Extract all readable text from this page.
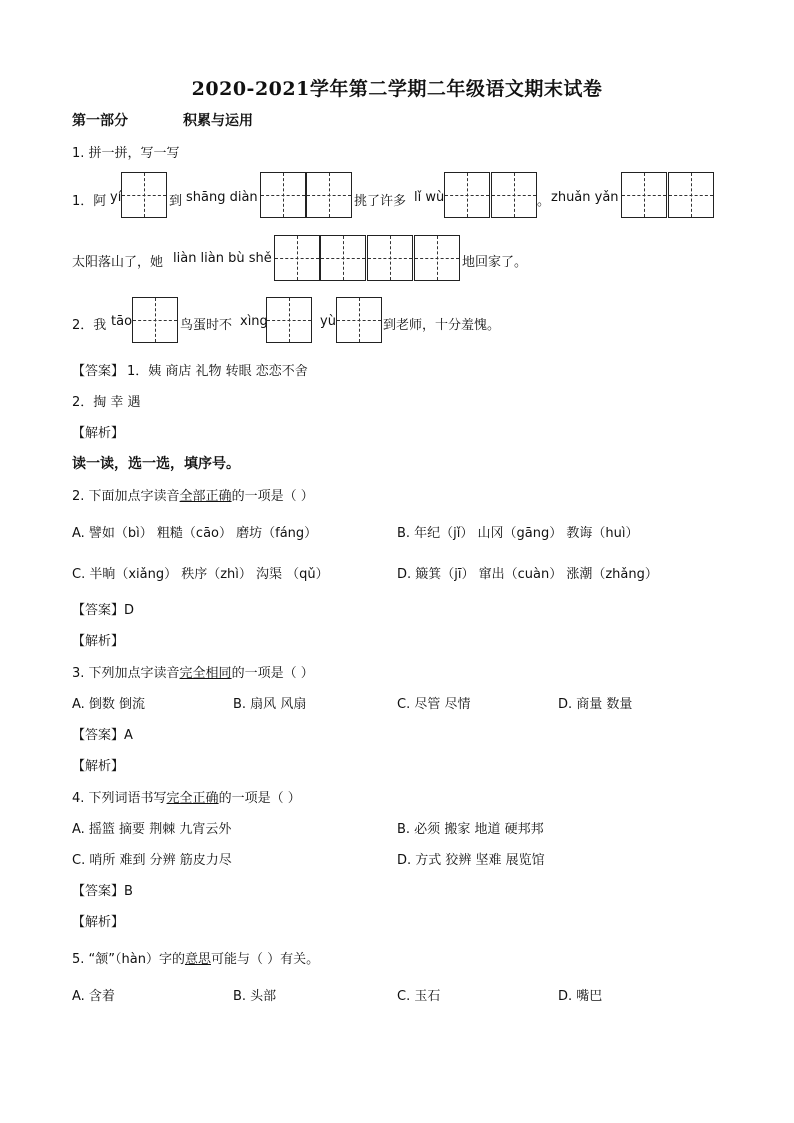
2020-2021学年第二学期二年级语文期末试卷
第一部分	积累与运用
1. 拼一拼，写一写
1．阿 yí	到 shāng diàn	挑了许多 lǐ wù	。 zhuǎn yǎn
太阳落山了，她 liàn liàn bù shě	地回家了。
2．我 tāo	鸟蛋时不 xìng	yù	到老师，十分羞愧。
【答案】 1．姨 商店 礼物 转眼 恋恋不舍
2．掏 幸 遇
【解析】
读一读，选一选，填序号。
2. 下面加点字读音全部正确的一项是（ ）
A. 譬如（bì） 粗糙（cāo） 磨坊（fáng）	B. 年纪（jǐ） 山冈（gāng） 教诲（huì）
C. 半晌（xiǎng） 秩序（zhì） 沟渠 （qǔ）	D. 簸箕（jī） 窜出（cuàn） 涨潮（zhǎng）
【答案】D
【解析】
3. 下列加点字读音完全相同的一项是（ ）
A. 倒数 倒流	B. 扇风 风扇	C. 尽管 尽情	D. 商量 数量
【答案】A
【解析】
4. 下列词语书写完全正确的一项是（ ）
A. 摇篮 摘要 荆棘 九宵云外	B. 必须 搬家 地道 硬邦邦
C. 哨所 难到 分辨 筋皮力尽	D. 方式 狡辨 坚难 展览馆
【答案】B
【解析】
5. “颔”（hàn）字的意思可能与（ ）有关。
A. 含着	B. 头部	C. 玉石	D. 嘴巴
